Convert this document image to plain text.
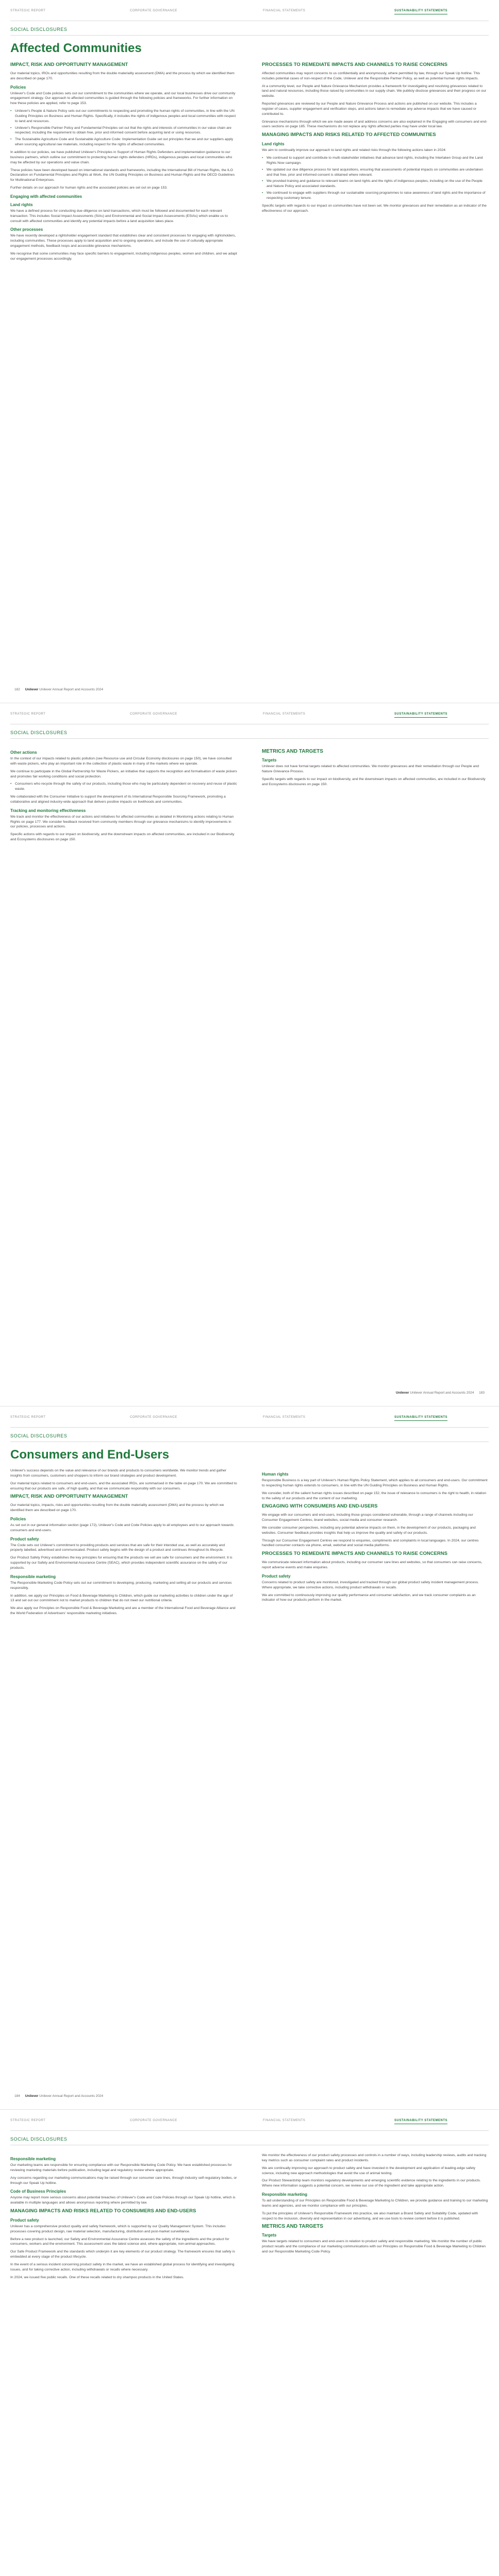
STRATEGIC REPORT	CORPORATE GOVERNANCE	FINANCIAL STATEMENTS	SUSTAINABILITY STATEMENTS
SOCIAL DISCLOSURES
Affected Communities
IMPACT, RISK AND OPPORTUNITY MANAGEMENT
Our material topics, IROs and opportunities resulting from the double materiality assessment (DMA) and the process by which we identified them are described on page 170.
Policies
Unilever's Code and Code policies sets out our commitment to the communities where we operate, and our local businesses drive our community engagement strategy. Our approach to affected communities is guided through the following policies and frameworks. For further information on how these policies are applied, refer to page 153.
• Unilever's People & Nature Policy sets out our commitments to respecting and promoting the human rights of communities, in line with the UN Guiding Principles on Business and Human Rights. Specifically, it includes the rights of indigenous peoples and local communities with respect to land and resources.
• Unilever's Responsible Partner Policy and Fundamental Principles set out that the rights and interests of communities in our value chain are respected, including the requirement to obtain free, prior and informed consent before acquiring land or using resources.
• The Sustainable Agriculture Code and Sustainable Agriculture Code: Implementation Guide set out principles that we and our suppliers apply when sourcing agricultural raw materials, including respect for the rights of affected communities.
In addition to our policies, we have published Unilever's Principles in Support of Human Rights Defenders and implementation guidance to our business partners, which outline our commitment to protecting human rights defenders (HRDs), indigenous peoples and local communities who may be affected by our operations and value chain.
These policies have been developed based on international standards and frameworks, including the International Bill of Human Rights, the ILO Declaration on Fundamental Principles and Rights at Work, the UN Guiding Principles on Business and Human Rights and the OECD Guidelines for Multinational Enterprises.
Further details on our approach for human rights and the associated policies are set out on page 153.
Engaging with affected communities
Land rights
We have a defined process for conducting due diligence on land transactions, which must be followed and documented for each relevant transaction. This includes Social Impact Assessments (SIAs) and Environmental and Social Impact Assessments (ESIAs) which enable us to consult with affected communities and identify any potential impacts before a land acquisition takes place.
Other processes
We have recently developed a rightsholder engagement standard that establishes clear and consistent processes for engaging with rightsholders, including communities. These processes apply to land acquisition and to ongoing operations, and include the use of culturally appropriate engagement methods, feedback loops and accessible grievance mechanisms.
We recognise that some communities may face specific barriers to engagement, including indigenous peoples, women and children, and we adapt our engagement processes accordingly.
PROCESSES TO REMEDIATE IMPACTS AND CHANNELS TO RAISE CONCERNS
Affected communities may report concerns to us confidentially and anonymously, where permitted by law, through our Speak Up hotline. This includes potential cases of non-respect of the Code, Unilever and the Responsible Partner Policy, as well as potential human rights impacts.
At a community level, our People and Nature Grievance Mechanism provides a framework for investigating and resolving grievances related to land and natural resources, including those raised by communities in our supply chain. We publicly disclose grievances and their progress on our website.
Reported grievances are reviewed by our People and Nature Grievance Process and actions are published on our website. This includes a register of cases, supplier engagement and verification steps, and actions taken to remediate any adverse impacts that we have caused or contributed to.
Grievance mechanisms through which we are made aware of and address concerns are also explained in the Engaging with consumers and end-users sections on page 185. These mechanisms do not replace any rights affected parties may have under local law.
MANAGING IMPACTS AND RISKS RELATED TO AFFECTED COMMUNITIES
Land rights
We aim to continually improve our approach to land rights and related risks through the following actions taken in 2024:
• We continued to support and contribute to multi-stakeholder initiatives that advance land rights, including the Interlaken Group and the Land Rights Now campaign.
• We updated our due diligence process for land acquisitions, ensuring that assessments of potential impacts on communities are undertaken and that free, prior and informed consent is obtained where relevant.
• We provided training and guidance to relevant teams on land rights and the rights of indigenous peoples, including on the use of the People and Nature Policy and associated standards.
• We continued to engage with suppliers through our sustainable sourcing programmes to raise awareness of land rights and the importance of respecting customary tenure.
Specific targets with regards to our impact on communities have not been set. We monitor grievances and their remediation as an indicator of the effectiveness of our approach.
182 Unilever Unilever Annual Report and Accounts 2024
STRATEGIC REPORT	CORPORATE GOVERNANCE	FINANCIAL STATEMENTS	SUSTAINABILITY STATEMENTS
SOCIAL DISCLOSURES
Other actions
In the context of our impacts related to plastic pollution (see Resource use and Circular Economy disclosures on page 150), we have consulted with waste pickers, who play an important role in the collection of plastic waste in many of the markets where we operate.
We continue to participate in the Global Partnership for Waste Pickers, an initiative that supports the recognition and formalisation of waste pickers and promotes fair working conditions and social protection.
• Consumers who recycle through the safety of our products, including those who may be particularly dependent on recovery and reuse of plastic waste.
We collaborated with the Consumer Initiative to support the development of its International Responsible Sourcing Framework, promoting a collaborative and aligned industry-wide approach that delivers positive impacts on livelihoods and communities.
Tracking and monitoring effectiveness
We track and monitor the effectiveness of our actions and initiatives for affected communities as detailed in Monitoring actions relating to Human Rights on page 177. We consider feedback received from community members through our grievance mechanisms to identify improvements in our policies, processes and actions.
Specific actions with regards to our impact on biodiversity, and the downstream impacts on affected communities, are included in our Biodiversity and Ecosystems disclosures on page 150.
METRICS AND TARGETS
Targets
Unilever does not have formal targets related to affected communities. We monitor grievances and their remediation through our People and Nature Grievance Process.
Specific targets with regards to our impact on biodiversity, and the downstream impacts on affected communities, are included in our Biodiversity and Ecosystems disclosures on page 150.
Unilever Unilever Annual Report and Accounts 2024 183
STRATEGIC REPORT	CORPORATE GOVERNANCE	FINANCIAL STATEMENTS	SUSTAINABILITY STATEMENTS
SOCIAL DISCLOSURES
Consumers and End-Users
Unilever's success depends on the value and relevance of our brands and products to consumers worldwide. We monitor trends and gather insights from consumers, customers and shoppers to inform our brand strategies and product development.
Our material topics related to consumers and end-users, and the associated IROs, are summarised in the table on page 170. We are committed to ensuring that our products are safe, of high quality, and that we communicate responsibly with our consumers.
IMPACT, RISK AND OPPORTUNITY MANAGEMENT
Our material topics, impacts, risks and opportunities resulting from the double materiality assessment (DMA) and the process by which we identified them are described on page 170.
Policies
As set out in our general information section (page 172), Unilever's Code and Code Policies apply to all employees and to our approach towards consumers and end-users.
Product safety
The Code sets out Unilever's commitment to providing products and services that are safe for their intended use, as well as accurately and properly labelled, advertised and communicated. Product safety begins with the design of a product and continues throughout its lifecycle.
Our Product Safety Policy establishes the key principles for ensuring that the products we sell are safe for consumers and the environment. It is supported by our Safety and Environmental Assurance Centre (SEAC), which provides independent scientific assurance on the safety of our products.
Responsible marketing
The Responsible Marketing Code Policy sets out our commitment to developing, producing, marketing and selling all our products and services responsibly.
In addition, we apply our Principles on Food & Beverage Marketing to Children, which guide our marketing activities to children under the age of 13 and set out our commitment not to market products to children that do not meet our nutritional criteria.
We also apply our Principles on Responsible Food & Beverage Marketing and are a member of the International Food and Beverage Alliance and the World Federation of Advertisers' responsible marketing initiatives.
Human rights
Responsible Business is a key part of Unilever's Human Rights Policy Statement, which applies to all consumers and end-users. Our commitment to respecting human rights extends to consumers, in line with the UN Guiding Principles on Business and Human Rights.
We consider, both of the salient human rights issues described on page 152, the issue of relevance to consumers is the right to health, in relation to the safety of our products and the content of our marketing.
ENGAGING WITH CONSUMERS AND END-USERS
We engage with our consumers and end-users, including those groups considered vulnerable, through a range of channels including our Consumer Engagement Centres, brand websites, social media and consumer research.
We consider consumer perspectives, including any potential adverse impacts on them, in the development of our products, packaging and websites. Consumer feedback provides insights that help us improve the quality and safety of our products.
Through our Consumer Engagement Centres we respond to enquiries, compliments and complaints in local languages. In 2024, our centres handled consumer contacts via phone, email, webchat and social media platforms.
PROCESSES TO REMEDIATE IMPACTS AND CHANNELS TO RAISE CONCERNS
We communicate relevant information about products, including our consumer care lines and websites, so that consumers can raise concerns, report adverse events and make enquiries.
Product safety
Concerns related to product safety are monitored, investigated and tracked through our global product safety incident management process. Where appropriate, we take corrective actions, including product withdrawals or recalls.
We are committed to continuously improving our quality performance and consumer satisfaction, and we track consumer complaints as an indicator of how our products perform in the market.
184 Unilever Unilever Annual Report and Accounts 2024
STRATEGIC REPORT	CORPORATE GOVERNANCE	FINANCIAL STATEMENTS	SUSTAINABILITY STATEMENTS
SOCIAL DISCLOSURES
Responsible marketing
Our marketing teams are responsible for ensuring compliance with our Responsible Marketing Code Policy. We have established processes for reviewing marketing materials before publication, including legal and regulatory review where appropriate.
Any concerns regarding our marketing communications may be raised through our consumer care lines, through industry self-regulatory bodies, or through our Speak Up hotline.
Code of Business Principles
Anyone may report more serious concerns about potential breaches of Unilever's Code and Code Policies through our Speak Up hotline, which is available in multiple languages and allows anonymous reporting where permitted by law.
MANAGING IMPACTS AND RISKS RELATED TO CONSUMERS AND END-USERS
Product safety
Unilever has a comprehensive product quality and safety framework, which is supported by our Quality Management System. This includes processes covering product design, raw material selection, manufacturing, distribution and post-market surveillance.
Before a new product is launched, our Safety and Environmental Assurance Centre assesses the safety of the ingredients and the product for consumers, workers and the environment. This assessment uses the latest science and, where appropriate, non-animal approaches.
Our Safe Product Framework and the standards which underpin it are key elements of our product strategy. The framework ensures that safety is embedded at every stage of the product lifecycle.
In the event of a serious incident concerning product safety in the market, we have an established global process for identifying and investigating issues, and for taking corrective action, including withdrawals or recalls where necessary.
In 2024, we issued five public recalls. One of these recalls related to dry shampoo products in the United States.
We monitor the effectiveness of our product safety processes and controls in a number of ways, including leadership reviews, audits and tracking key metrics such as consumer complaint rates and product incidents.
We are continually improving our approach to product safety and have invested in the development and application of leading-edge safety science, including new approach methodologies that avoid the use of animal testing.
Our Product Stewardship team monitors regulatory developments and emerging scientific evidence relating to the ingredients in our products. Where new information suggests a potential concern, we review our use of the ingredient and take appropriate action.
Responsible marketing
To aid understanding of our Principles on Responsible Food & Beverage Marketing to Children, we provide guidance and training to our marketing teams and agencies, and we monitor compliance with our principles.
To put the principles of Unilever's Responsible Framework into practice, we also maintain a Brand Safety and Suitability Code, updated with respect to the inclusion, diversity and representation in our advertising, and we use tools to review content before it is published.
METRICS AND TARGETS
Targets
We have targets related to consumers and end-users in relation to product safety and responsible marketing. We monitor the number of public product recalls and the compliance of our marketing communications with our Principles on Responsible Food & Beverage Marketing to Children and our Responsible Marketing Code Policy.
